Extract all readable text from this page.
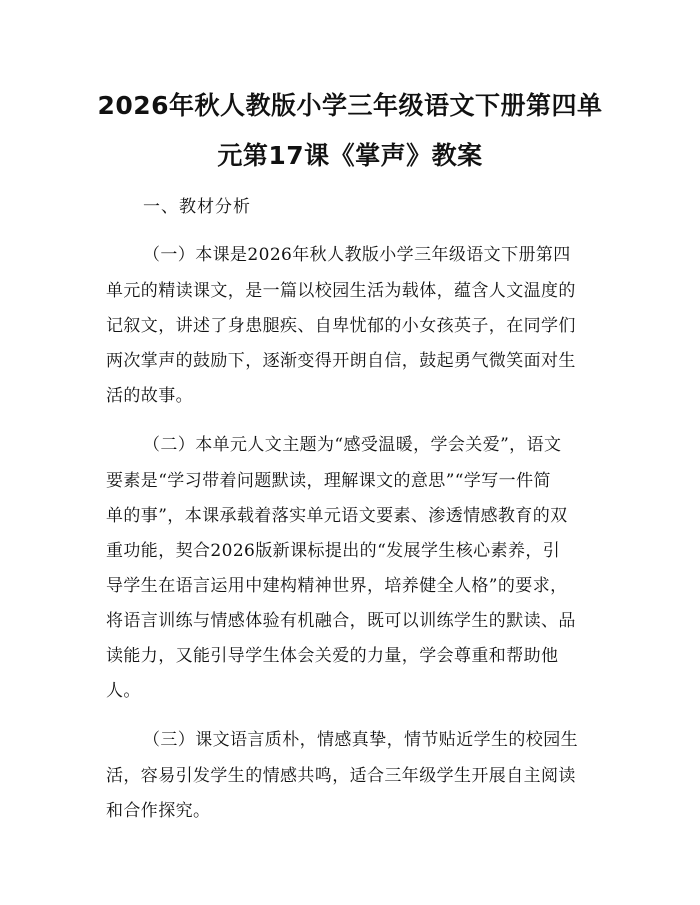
2026年秋人教版小学三年级语文下册第四单
元第17课《掌声》教案
一、教材分析
（一）本课是2026年秋人教版小学三年级语文下册第四
单元的精读课文，是一篇以校园生活为载体，蕴含人文温度的
记叙文，讲述了身患腿疾、自卑忧郁的小女孩英子，在同学们
两次掌声的鼓励下，逐渐变得开朗自信，鼓起勇气微笑面对生
活的故事。
（二）本单元人文主题为“感受温暖，学会关爱”，语文
要素是“学习带着问题默读，理解课文的意思”“学写一件简
单的事”，本课承载着落实单元语文要素、渗透情感教育的双
重功能，契合2026版新课标提出的“发展学生核心素养，引
导学生在语言运用中建构精神世界，培养健全人格”的要求，
将语言训练与情感体验有机融合，既可以训练学生的默读、品
读能力，又能引导学生体会关爱的力量，学会尊重和帮助他
人。
（三）课文语言质朴，情感真挚，情节贴近学生的校园生
活，容易引发学生的情感共鸣，适合三年级学生开展自主阅读
和合作探究。
